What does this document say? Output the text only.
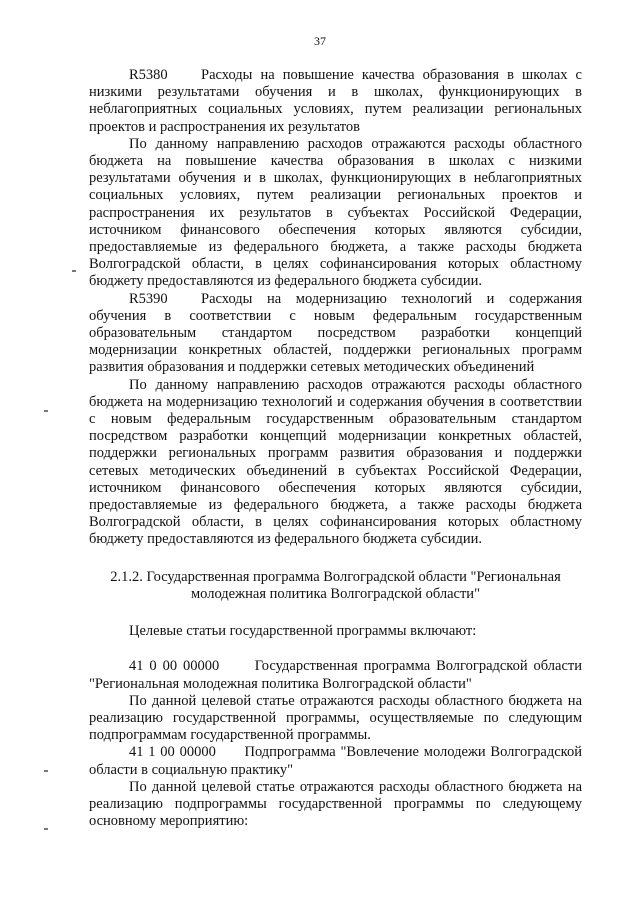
37

R5380 Расходы на повышение качества образования в школах с низкими результатами обучения и в школах, функционирующих в неблагоприятных социальных условиях, путем реализации региональных проектов и распространения их результатов

По данному направлению расходов отражаются расходы областного бюджета на повышение качества образования в школах с низкими результатами обучения и в школах, функционирующих в неблагоприятных социальных условиях, путем реализации региональных проектов и распространения их результатов в субъектах Российской Федерации, источником финансового обеспечения которых являются субсидии, предоставляемые из федерального бюджета, а также расходы бюджета Волгоградской области, в целях софинансирования которых областному бюджету предоставляются из федерального бюджета субсидии.

R5390 Расходы на модернизацию технологий и содержания обучения в соответствии с новым федеральным государственным образовательным стандартом посредством разработки концепций модернизации конкретных областей, поддержки региональных программ развития образования и поддержки сетевых методических объединений

По данному направлению расходов отражаются расходы областного бюджета на модернизацию технологий и содержания обучения в соответствии с новым федеральным государственным образовательным стандартом посредством разработки концепций модернизации конкретных областей, поддержки региональных программ развития образования и поддержки сетевых методических объединений в субъектах Российской Федерации, источником финансового обеспечения которых являются субсидии, предоставляемые из федерального бюджета, а также расходы бюджета Волгоградской области, в целях софинансирования которых областному бюджету предоставляются из федерального бюджета субсидии.

2.1.2. Государственная программа Волгоградской области "Региональная молодежная политика Волгоградской области"

Целевые статьи государственной программы включают:

41 0 00 00000 Государственная программа Волгоградской области "Региональная молодежная политика Волгоградской области"

По данной целевой статье отражаются расходы областного бюджета на реализацию государственной программы, осуществляемые по следующим подпрограммам государственной программы.

41 1 00 00000 Подпрограмма "Вовлечение молодежи Волгоградской области в социальную практику"

По данной целевой статье отражаются расходы областного бюджета на реализацию подпрограммы государственной программы по следующему основному мероприятию:
